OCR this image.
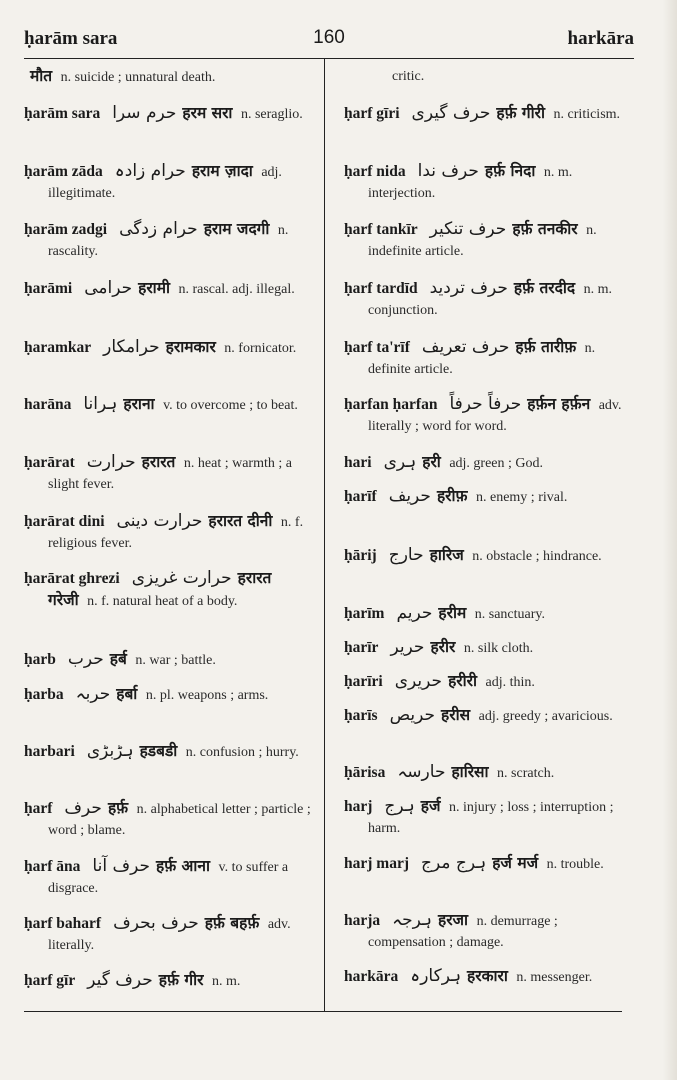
ḥarām sara	160	harkāra
मौत n. suicide ; unnatural death.
ḥarām sara حرم سرا हरम सरा n. seraglio.
ḥarām zāda حرام زادہ हराम ज़ादा adj. illegitimate.
ḥarām zadgi حرام زدگی हराम जदगी n. rascality.
ḥarāmi حرامی हरामी n. rascal. adj. illegal.
ḥaramkar حرامکار हरामकार n. fornicator.
harāna ہرانا हराना v. to overcome ; to beat.
ḥarārat حرارت हरारत n. heat ; warmth ; a slight fever.
ḥarārat dini حرارت دینی हरारत दीनी n. f. religious fever.
ḥarārat ghrezi حرارت غریزی हरारत गरेजी n. f. natural heat of a body.
ḥarb حرب हर्ब n. war ; battle.
ḥarba حربہ हर्बा n. pl. weapons ; arms.
harbari ہڑبڑی हडबडी n. confusion ; hurry.
ḥarf حرف हर्फ़ n. alphabetical letter ; particle ; word ; blame.
ḥarf āna حرف آنا हर्फ़ आना v. to suffer a disgrace.
ḥarf baharf حرف بحرف हर्फ़ बहर्फ़ adv. literally.
ḥarf gīr حرف گیر हर्फ़ गीर n. m.
critic.
ḥarf gīri حرف گیری हर्फ़ गीरी n. criticism.
ḥarf nida حرف ندا हर्फ़ निदा n. m. interjection.
ḥarf tankīr حرف تنکیر हर्फ़ तनकीर n. indefinite article.
ḥarf tardīd حرف تردید हर्फ़ तरदीद n. m. conjunction.
ḥarf ta'rīf حرف تعریف हर्फ़ तारीफ़ n. definite article.
ḥarfan ḥarfan حرفاً حرفاً हर्फ़न हर्फ़न adv. literally ; word for word.
hari ہری हरी adj. green ; God.
ḥarīf حریف हरीफ़ n. enemy ; rival.
ḥārij حارج हारिज n. obstacle ; hindrance.
ḥarīm حریم हरीम n. sanctuary.
ḥarīr حریر हरीर n. silk cloth.
ḥarīri حریری हरीरी adj. thin.
ḥarīs حریص हरीस adj. greedy ; avaricious.
ḥārisa حارسہ हारिसा n. scratch.
harj ہرج हर्ज n. injury ; loss ; interruption ; harm.
harj marj ہرج مرج हर्ज मर्ज n. trouble.
harja ہرجہ हरजा n. demurrage ; compensation ; damage.
harkāra ہرکارہ हरकारा n. messenger.
